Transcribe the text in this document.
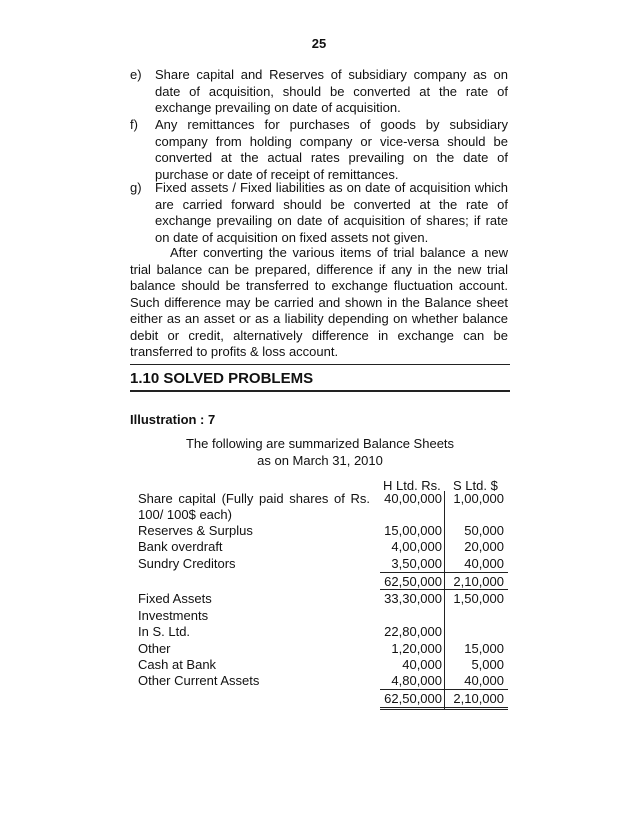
25
e) Share capital and Reserves of subsidiary company as on date of acquisition, should be converted at the rate of exchange prevailing on date of acquisition.
f) Any remittances for purchases of goods by subsidiary company from holding company or vice-versa should be converted at the actual rates prevailing on the date of purchase or date of receipt of remittances.
g) Fixed assets / Fixed liabilities as on date of acquisition which are carried forward should be converted at the rate of exchange prevailing on date of acquisition of shares; if rate on date of acquisition on fixed assets not given.
After converting the various items of trial balance a new trial balance can be prepared, difference if any in the new trial balance should be transferred to exchange fluctuation account. Such difference may be carried and shown in the Balance sheet either as an asset or as a liability depending on whether balance debit or credit, alternatively difference in exchange can be transferred to profits & loss account.
1.10 SOLVED PROBLEMS
Illustration : 7
The following are summarized Balance Sheets
as on March 31, 2010
H Ltd. Rs. S Ltd. $
Share capital (Fully paid shares of Rs. 40,00,000 1,00,000
100/ 100$ each)
Reserves & Surplus	15,00,000 50,000
Bank overdraft	4,00,000 20,000
Sundry Creditors	3,50,000 40,000
62,50,000 2,10,000
Fixed Assets	33,30,000 1,50,000
Investments
In S. Ltd.	22,80,000
Other	1,20,000 15,000
Cash at Bank	40,000 5,000
Other Current Assets	4,80,000 40,000
62,50,000 2,10,000
